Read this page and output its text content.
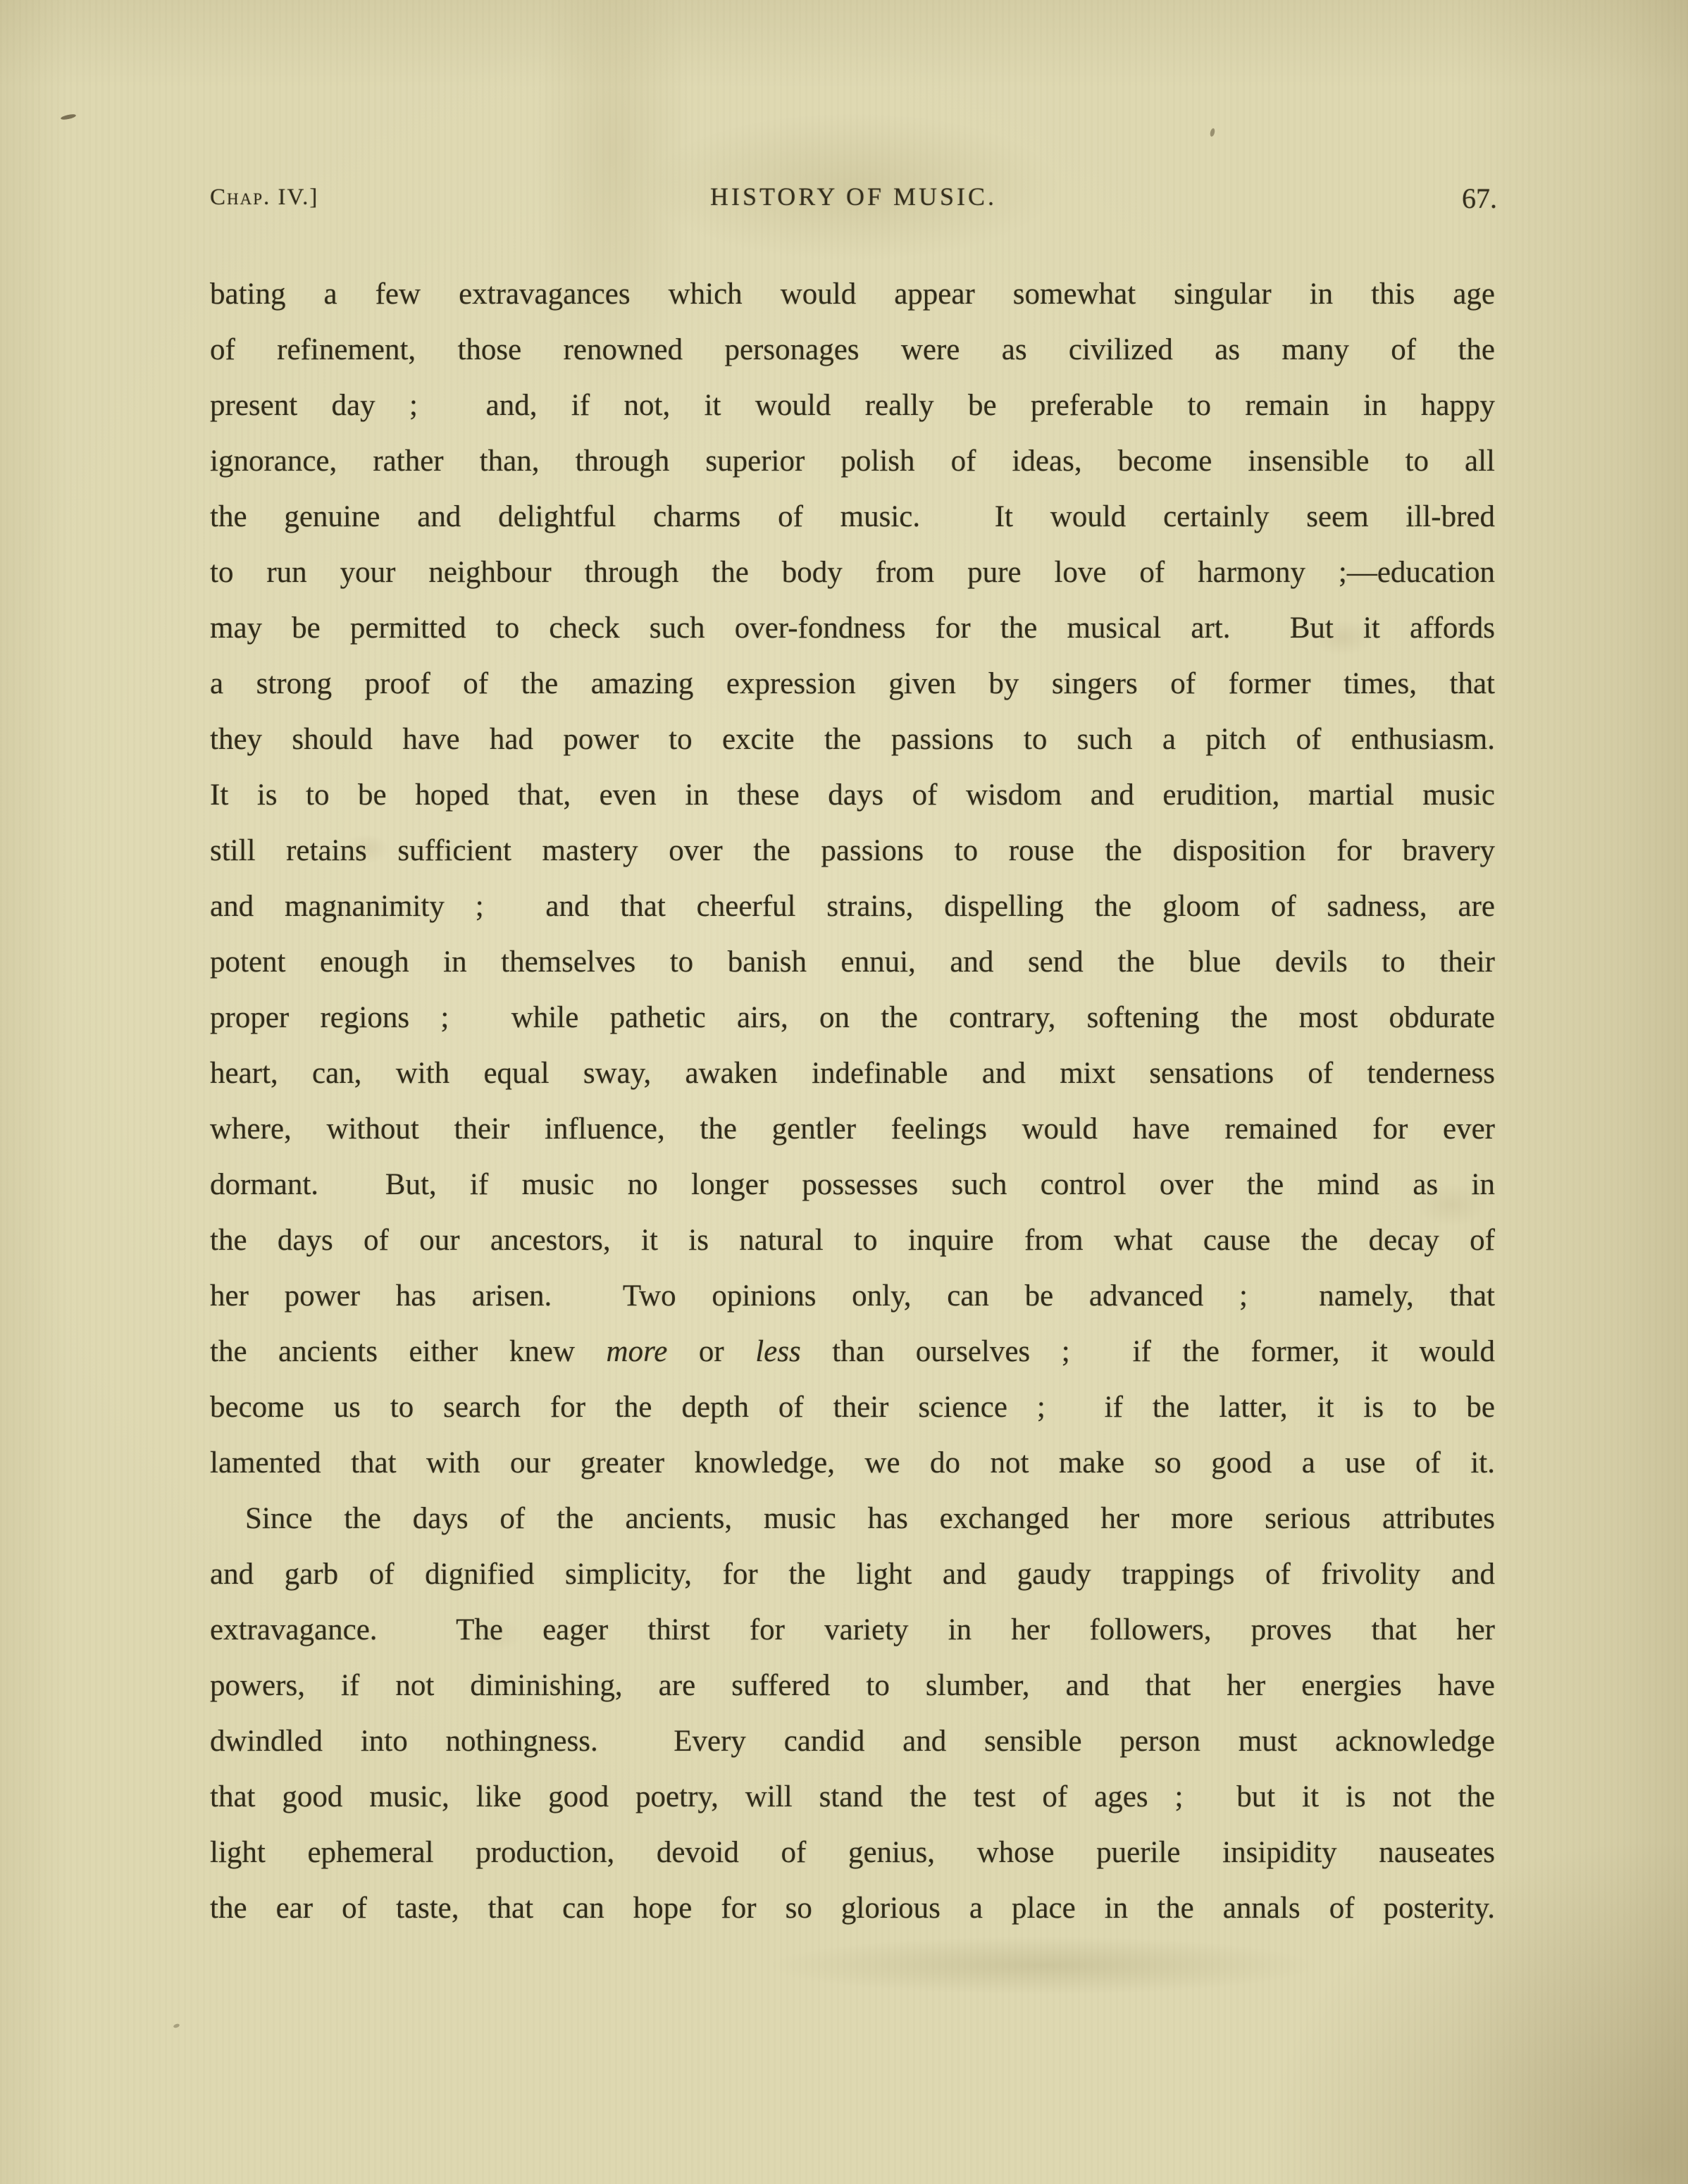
Chap. IV.]	HISTORY OF MUSIC.	67.
bating a few extravagances which would appear somewhat singular in this age
of refinement, those renowned personages were as civilized as many of the
present day ;  and, if not, it would really be preferable to remain in happy
ignorance, rather than, through superior polish of ideas, become insensible to all
the genuine and delightful charms of music.  It would certainly seem ill-bred
to run your neighbour through the body from pure love of harmony ;—education
may be permitted to check such over-fondness for the musical art.  But it affords
a strong proof of the amazing expression given by singers of former times, that
they should have had power to excite the passions to such a pitch of enthusiasm.
It is to be hoped that, even in these days of wisdom and erudition, martial music
still retains sufficient mastery over the passions to rouse the disposition for bravery
and magnanimity ;  and that cheerful strains, dispelling the gloom of sadness, are
potent enough in themselves to banish ennui, and send the blue devils to their
proper regions ;  while pathetic airs, on the contrary, softening the most obdurate
heart, can, with equal sway, awaken indefinable and mixt sensations of tenderness
where, without their influence, the gentler feelings would have remained for ever
dormant.  But, if music no longer possesses such control over the mind as in
the days of our ancestors, it is natural to inquire from what cause the decay of
her power has arisen.  Two opinions only, can be advanced ;  namely, that
the ancients either knew more or less than ourselves ;  if the former, it would
become us to search for the depth of their science ;  if the latter, it is to be
lamented that with our greater knowledge, we do not make so good a use of it.
Since the days of the ancients, music has exchanged her more serious attributes
and garb of dignified simplicity, for the light and gaudy trappings of frivolity and
extravagance.  The eager thirst for variety in her followers, proves that her
powers, if not diminishing, are suffered to slumber, and that her energies have
dwindled into nothingness.  Every candid and sensible person must acknowledge
that good music, like good poetry, will stand the test of ages ;  but it is not the
light ephemeral production, devoid of genius, whose puerile insipidity nauseates
the ear of taste, that can hope for so glorious a place in the annals of posterity.
